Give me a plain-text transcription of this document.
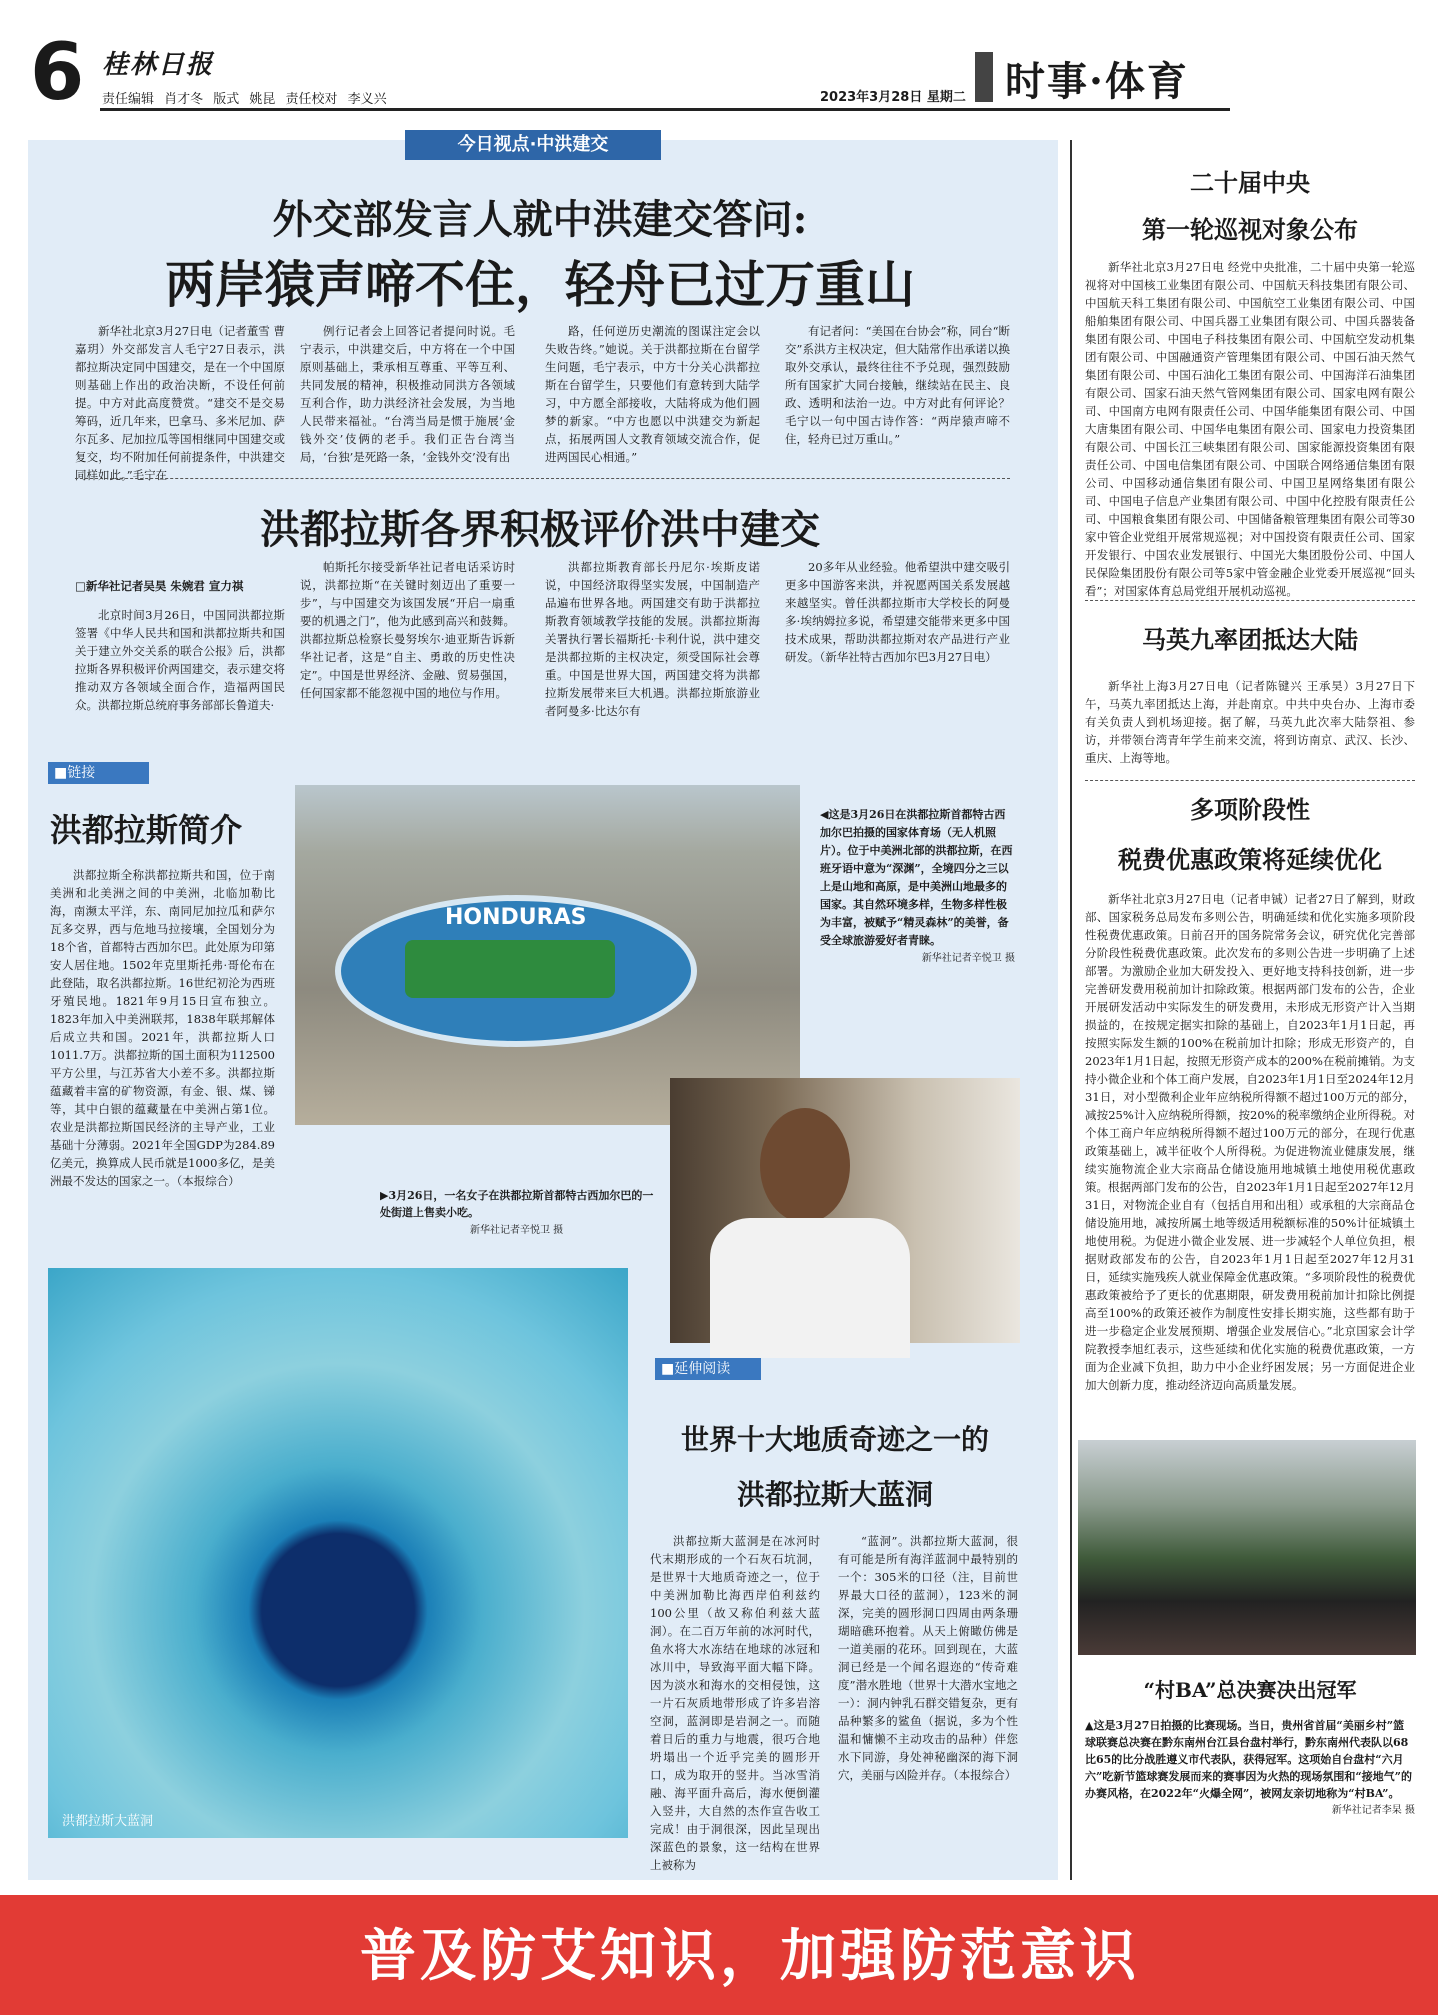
6 桂林日报
责任编辑 肖才冬 版式 姚昆 责任校对 李义兴	2023年3月28日 星期二 时事·体育
今日视点·中洪建交
外交部发言人就中洪建交答问:
两岸猿声啼不住，轻舟已过万重山

新华社北京3月27日电（记者董雪 曹嘉玥）外交部发言人毛宁27日表示，洪都拉斯决定同中国建交，是在一个中国原则基础上作出的政治决断，不设任何前提。中方对此高度赞赏。“建交不是交易筹码，近几年来，巴拿马、多米尼加、萨尔瓦多、尼加拉瓜等国相继同中国建交或复交，均不附加任何前提条件，中洪建交同样如此。”毛宁在

例行记者会上回答记者提问时说。毛宁表示，中洪建交后，中方将在一个中国原则基础上，秉承相互尊重、平等互利、共同发展的精神，积极推动同洪方各领域互利合作，助力洪经济社会发展，为当地人民带来福祉。“台湾当局是惯于施展‘金钱外交’伎俩的老手。我们正告台湾当局，‘台独’是死路一条，‘金钱外交’没有出

路，任何逆历史潮流的图谋注定会以失败告终。”她说。关于洪都拉斯在台留学生问题，毛宁表示，中方十分关心洪都拉斯在台留学生，只要他们有意转到大陆学习，中方愿全部接收，大陆将成为他们圆梦的新家。“中方也愿以中洪建交为新起点，拓展两国人文教育领域交流合作，促进两国民心相通。”

有记者问：“美国在台协会”称，同台“断交”系洪方主权决定，但大陆常作出承诺以换取外交承认，最终往往不予兑现，强烈鼓励所有国家扩大同台接触，继续站在民主、良政、透明和法治一边。中方对此有何评论？毛宁以一句中国古诗作答：“两岸猿声啼不住，轻舟已过万重山。”

洪都拉斯各界积极评价洪中建交
□新华社记者吴昊 朱婉君 宣力祺

北京时间3月26日，中国同洪都拉斯签署《中华人民共和国和洪都拉斯共和国关于建立外交关系的联合公报》后，洪都拉斯各界积极评价两国建交，表示建交将推动双方各领域全面合作，造福两国民众。洪都拉斯总统府事务部部长鲁道夫·

帕斯托尔接受新华社记者电话采访时说，洪都拉斯“在关键时刻迈出了重要一步”，与中国建交为该国发展“开启一扇重要的机遇之门”，他为此感到高兴和鼓舞。洪都拉斯总检察长曼努埃尔·迪亚斯告诉新华社记者，这是“自主、勇敢的历史性决定”。中国是世界经济、金融、贸易强国，任何国家都不能忽视中国的地位与作用。

洪都拉斯教育部长丹尼尔·埃斯皮诺说，中国经济取得坚实发展，中国制造产品遍布世界各地。两国建交有助于洪都拉斯教育领域教学技能的发展。洪都拉斯海关署执行署长福斯托·卡利什说，洪中建交是洪都拉斯的主权决定，须受国际社会尊重。中国是世界大国，两国建交将为洪都拉斯发展带来巨大机遇。洪都拉斯旅游业者阿曼多·比达尔有

20多年从业经验。他希望洪中建交吸引更多中国游客来洪，并祝愿两国关系发展越来越坚实。曾任洪都拉斯市大学校长的阿曼多·埃纳姆拉多说，希望建交能带来更多中国技术成果，帮助洪都拉斯对农产品进行产业研发。（新华社特古西加尔巴3月27日电）

■链接
洪都拉斯简介

洪都拉斯全称洪都拉斯共和国，位于南美洲和北美洲之间的中美洲，北临加勒比海，南濒太平洋，东、南同尼加拉瓜和萨尔瓦多交界，西与危地马拉接壤，全国划分为18个省，首都特古西加尔巴。此处原为印第安人居住地。1502年克里斯托弗·哥伦布在此登陆，取名洪都拉斯。16世纪初沦为西班牙殖民地。1821年9月15日宣布独立。1823年加入中美洲联邦，1838年联邦解体后成立共和国。2021年，洪都拉斯人口1011.7万。洪都拉斯的国土面积为112500平方公里，与江苏省大小差不多。洪都拉斯蕴藏着丰富的矿物资源，有金、银、煤、锑等，其中白银的蕴藏量在中美洲占第1位。农业是洪都拉斯国民经济的主导产业，工业基础十分薄弱。2021年全国GDP为284.89亿美元，换算成人民币就是1000多亿，是美洲最不发达的国家之一。（本报综合）

HONDURAS
◀这是3月26日在洪都拉斯首都特古西加尔巴拍摄的国家体育场（无人机照片）。位于中美洲北部的洪都拉斯，在西班牙语中意为“深渊”，全境四分之三以上是山地和高原，是中美洲山地最多的国家。其自然环境多样，生物多样性极为丰富，被赋予“精灵森林”的美誉，备受全球旅游爱好者青睐。
新华社记者辛悦卫 摄
▶3月26日，一名女子在洪都拉斯首都特古西加尔巴的一处街道上售卖小吃。
新华社记者辛悦卫 摄
洪都拉斯大蓝洞
■延伸阅读
世界十大地质奇迹之一的
洪都拉斯大蓝洞

洪都拉斯大蓝洞是在冰河时代末期形成的一个石灰石坑洞，是世界十大地质奇迹之一，位于中美洲加勒比海西岸伯利兹约100公里（故又称伯利兹大蓝洞）。在二百万年前的冰河时代，鱼水将大水冻结在地球的冰冠和冰川中，导致海平面大幅下降。因为淡水和海水的交相侵蚀，这一片石灰质地带形成了许多岩溶空洞，蓝洞即是岩洞之一。而随着日后的重力与地震，很巧合地坍塌出一个近乎完美的圆形开口，成为取开的竖井。当冰雪消融、海平面升高后，海水便倒灌入竖井，大自然的杰作宣告收工完成！由于洞很深，因此呈现出深蓝色的景象，这一结构在世界上被称为

“蓝洞”。洪都拉斯大蓝洞，很有可能是所有海洋蓝洞中最特别的一个：305米的口径（注，目前世界最大口径的蓝洞），123米的洞深，完美的圆形洞口四周由两条珊瑚暗礁环抱着。从天上俯瞰仿佛是一道美丽的花环。回到现在，大蓝洞已经是一个闻名遐迩的“传奇难度”潜水胜地（世界十大潜水宝地之一）：洞内钟乳石群交错复杂，更有品种繁多的鲨鱼（据说，多为个性温和慵懒不主动攻击的品种）伴您水下同游，身处神秘幽深的海下洞穴，美丽与凶险并存。（本报综合）

二十届中央
第一轮巡视对象公布

新华社北京3月27日电 经党中央批准，二十届中央第一轮巡视将对中国核工业集团有限公司、中国航天科技集团有限公司、中国航天科工集团有限公司、中国航空工业集团有限公司、中国船舶集团有限公司、中国兵器工业集团有限公司、中国兵器装备集团有限公司、中国电子科技集团有限公司、中国航空发动机集团有限公司、中国融通资产管理集团有限公司、中国石油天然气集团有限公司、中国石油化工集团有限公司、中国海洋石油集团有限公司、国家石油天然气管网集团有限公司、国家电网有限公司、中国南方电网有限责任公司、中国华能集团有限公司、中国大唐集团有限公司、中国华电集团有限公司、国家电力投资集团有限公司、中国长江三峡集团有限公司、国家能源投资集团有限责任公司、中国电信集团有限公司、中国联合网络通信集团有限公司、中国移动通信集团有限公司、中国卫星网络集团有限公司、中国电子信息产业集团有限公司、中国中化控股有限责任公司、中国粮食集团有限公司、中国储备粮管理集团有限公司等30家中管企业党组开展常规巡视；对中国投资有限责任公司、国家开发银行、中国农业发展银行、中国光大集团股份公司、中国人民保险集团股份有限公司等5家中管金融企业党委开展巡视“回头看”；对国家体育总局党组开展机动巡视。

马英九率团抵达大陆

新华社上海3月27日电（记者陈键兴 王承昊）3月27日下午，马英九率团抵达上海，并赴南京。中共中央台办、上海市委有关负责人到机场迎接。据了解，马英九此次率大陆祭祖、参访，并带领台湾青年学生前来交流，将到访南京、武汉、长沙、重庆、上海等地。

多项阶段性
税费优惠政策将延续优化

新华社北京3月27日电（记者申铖）记者27日了解到，财政部、国家税务总局发布多则公告，明确延续和优化实施多项阶段性税费优惠政策。日前召开的国务院常务会议，研究优化完善部分阶段性税费优惠政策。此次发布的多则公告进一步明确了上述部署。为激励企业加大研发投入、更好地支持科技创新，进一步完善研发费用税前加计扣除政策。根据两部门发布的公告，企业开展研发活动中实际发生的研发费用，未形成无形资产计入当期损益的，在按规定据实扣除的基础上，自2023年1月1日起，再按照实际发生额的100%在税前加计扣除；形成无形资产的，自2023年1月1日起，按照无形资产成本的200%在税前摊销。为支持小微企业和个体工商户发展，自2023年1月1日至2024年12月31日，对小型微利企业年应纳税所得额不超过100万元的部分，减按25%计入应纳税所得额，按20%的税率缴纳企业所得税。对个体工商户年应纳税所得额不超过100万元的部分，在现行优惠政策基础上，减半征收个人所得税。为促进物流业健康发展，继续实施物流企业大宗商品仓储设施用地城镇土地使用税优惠政策。根据两部门发布的公告，自2023年1月1日起至2027年12月31日，对物流企业自有（包括自用和出租）或承租的大宗商品仓储设施用地，减按所属土地等级适用税额标准的50%计征城镇土地使用税。为促进小微企业发展、进一步减轻个人单位负担，根据财政部发布的公告，自2023年1月1日起至2027年12月31日，延续实施残疾人就业保障金优惠政策。“多项阶段性的税费优惠政策被给予了更长的优惠期限，研发费用税前加计扣除比例提高至100%的政策还被作为制度性安排长期实施，这些都有助于进一步稳定企业发展预期、增强企业发展信心。”北京国家会计学院教授李旭红表示，这些延续和优化实施的税费优惠政策，一方面为企业减下负担，助力中小企业纾困发展；另一方面促进企业加大创新力度，推动经济迈向高质量发展。

“村BA”总决赛决出冠军
▲这是3月27日拍摄的比赛现场。当日，贵州省首届“美丽乡村”篮球联赛总决赛在黔东南州台江县台盘村举行，黔东南州代表队以68比65的比分战胜遵义市代表队，获得冠军。这项始自台盘村“六月六”吃新节篮球赛发展而来的赛事因为火热的现场氛围和“接地气”的办赛风格，在2022年“火爆全网”，被网友亲切地称为“村BA”。
新华社记者李杲 摄
普及防艾知识，加强防范意识
